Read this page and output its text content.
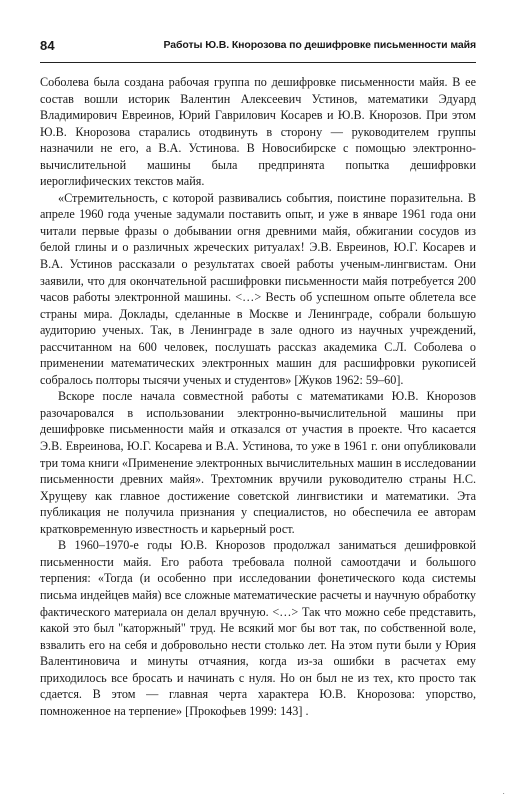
84	Работы Ю.В. Кнорозова по дешифровке письменности майя

Соболева была создана рабочая группа по дешифровке письменности майя. В ее состав вошли историк Валентин Алексеевич Устинов, математики Эдуард Владимирович Евреинов, Юрий Гаврилович Косарев и Ю.В. Кнорозов. При этом Ю.В. Кнорозова старались отодвинуть в сторону — руководителем группы назначили не его, а В.А. Устинова. В Новосибирске с помощью электронно-вычислительной машины была предпринята попытка дешифровки иероглифических текстов майя.

«Стремительность, с которой развивались события, поистине поразительна. В апреле 1960 года ученые задумали поставить опыт, и уже в январе 1961 года они читали первые фразы о добывании огня древними майя, обжигании сосудов из белой глины и о различных жреческих ритуалах! Э.В. Евреинов, Ю.Г. Косарев и В.А. Устинов рассказали о результатах своей работы ученым-лингвистам. Они заявили, что для окончательной расшифровки письменности майя потребуется 200 часов работы электронной машины. <…> Весть об успешном опыте облетела все страны мира. Доклады, сделанные в Москве и Ленинграде, собрали большую аудиторию ученых. Так, в Ленинграде в зале одного из научных учреждений, рассчитанном на 600 человек, послушать рассказ академика С.Л. Соболева о применении математических электронных машин для расшифровки рукописей собралось полторы тысячи ученых и студентов» [Жуков 1962: 59–60].

Вскоре после начала совместной работы с математиками Ю.В. Кнорозов разочаровался в использовании электронно-вычислительной машины при дешифровке письменности майя и отказался от участия в проекте. Что касается Э.В. Евреинова, Ю.Г. Косарева и В.А. Устинова, то уже в 1961 г. они опубликовали три тома книги «Применение электронных вычислительных машин в исследовании письменности древних майя». Трехтомник вручили руководителю страны Н.С. Хрущеву как главное достижение советской лингвистики и математики. Эта публикация не получила признания у специалистов, но обеспечила ее авторам кратковременную известность и карьерный рост.

В 1960–1970-е годы Ю.В. Кнорозов продолжал заниматься дешифровкой письменности майя. Его работа требовала полной самоотдачи и большого терпения: «Тогда (и особенно при исследовании фонетического кода системы письма индейцев майя) все сложные математические расчеты и научную обработку фактического материала он делал вручную. <…> Так что можно себе представить, какой это был "каторжный" труд. Не всякий мог бы вот так, по собственной воле, взвалить его на себя и добровольно нести столько лет. На этом пути были у Юрия Валентиновича и минуты отчаяния, когда из-за ошибки в расчетах ему приходилось все бросать и начинать с нуля. Но он был не из тех, кто просто так сдается. В этом — главная черта характера Ю.В. Кнорозова: упорство, помноженное на терпение» [Прокофьев 1999: 143] .

·
